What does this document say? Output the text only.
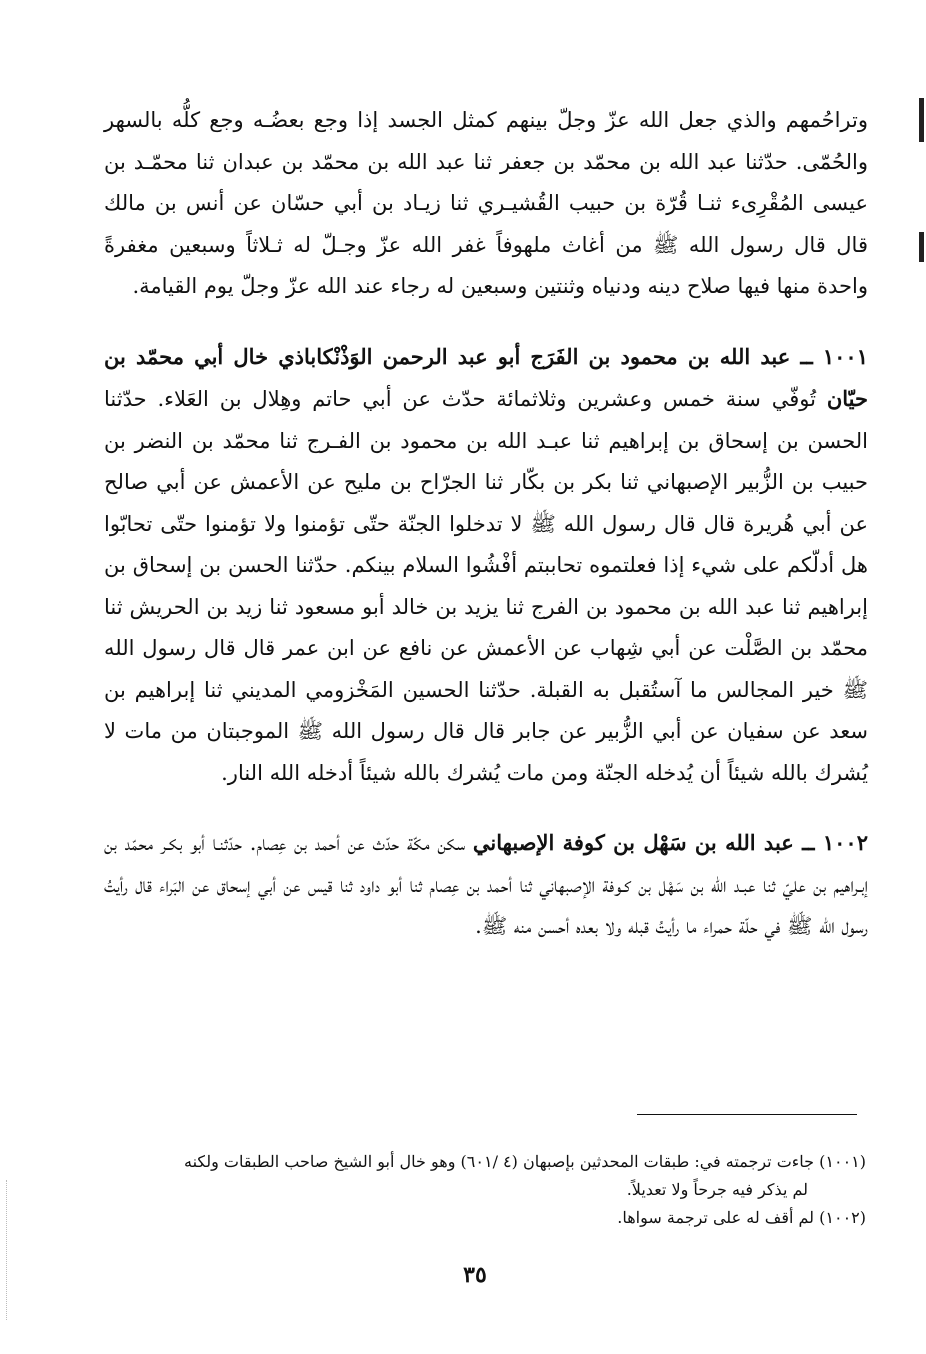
وتراحُمهم والذي جعل الله عزّ وجلّ بينهم كمثل الجسد إذا وجع بعضُـه وجع كلُّه بالسهر والحُمّى. حدّثنا عبد الله بن محمّد بن جعفر ثنا عبد الله بن محمّد بن عبدان ثنا محمّـد بن عيسى المُقْرِىء ثنـا قُرّة بن حبيب القُشيـري ثنا زيـاد بن أبي حسّان عن أنس بن مالك قال قال رسول الله ﷺ من أغاث ملهوفاً غفر الله عزّ وجـلّ له ثـلاثاً وسبعين مغفرةً واحدة منها فيها صلاح دينه ودنياه وثنتين وسبعين له رجاء عند الله عزّ وجلّ يوم القيامة.

١٠٠١ ــ عبد الله بن محمود بن الفَرَج أبو عبد الرحمن الوَذْنْكاباذي خال أبي محمّد بن حيّان تُوفّي سنة خمس وعشرين وثلاثمائة حدّث عن أبي حاتم وهِلال بن العَلاء. حدّثنا الحسن بن إسحاق بن إبراهيم ثنا عبـد الله بن محمود بن الفـرج ثنا محمّد بن النضر بن حبيب بن الزُّبير الإصبهاني ثنا بكر بن بكّار ثنا الجرّاح بن مليح عن الأعمش عن أبي صالح عن أبي هُريرة قال قال رسول الله ﷺ لا تدخلوا الجنّة حتّى تؤمنوا ولا تؤمنوا حتّى تحابّوا هل أدلّكم على شيء إذا فعلتموه تحاببتم أفْشُوا السلام بينكم. حدّثنا الحسن بن إسحاق بن إبراهيم ثنا عبد الله بن محمود بن الفرج ثنا يزيد بن خالد أبو مسعود ثنا زيد بن الحريش ثنا محمّد بن الصَّلْت عن أبي شِهاب عن الأعمش عن نافع عن ابن عمر قال قال رسول الله ﷺ خير المجالس ما آستُقبل به القبلة. حدّثنا الحسين المَخْزومي المديني ثنا إبراهيم بن سعد عن سفيان عن أبي الزُّبير عن جابر قال قال رسول الله ﷺ الموجبتان من مات لا يُشرك بالله شيئاً أن يُدخله الجنّة ومن مات يُشرك بالله شيئاً أدخله الله النار.

١٠٠٢ ــ عبد الله بن سَهْل بن كوفة الإصبهاني سكن مكّة حدّث عن أحمد بن عِصام. حدّثنـا أبو بكـر محمّد بن إبـراهيم بن عليّ ثنا عبـد الله بن سَهْل بن كـوفة الإصبهاني ثنا أحمد بن عِصام ثنا أبو داود ثنا قيس عن أبي إسحاق عن البَراء قال رأيتُ رسول الله ﷺ في حلّة حمراء ما رأيتُ قبله ولا بعده أحسن منه ﷺ.

(١٠٠١) جاءت ترجمته في: طبقات المحدثين بإصبهان (٤ /٦٠١) وهو خال أبو الشيخ صاحب الطبقات ولكنه
لم يذكر فيه جرحاً ولا تعديلاً.

(١٠٠٢) لم أقف له على ترجمة سواها.

٣٥
